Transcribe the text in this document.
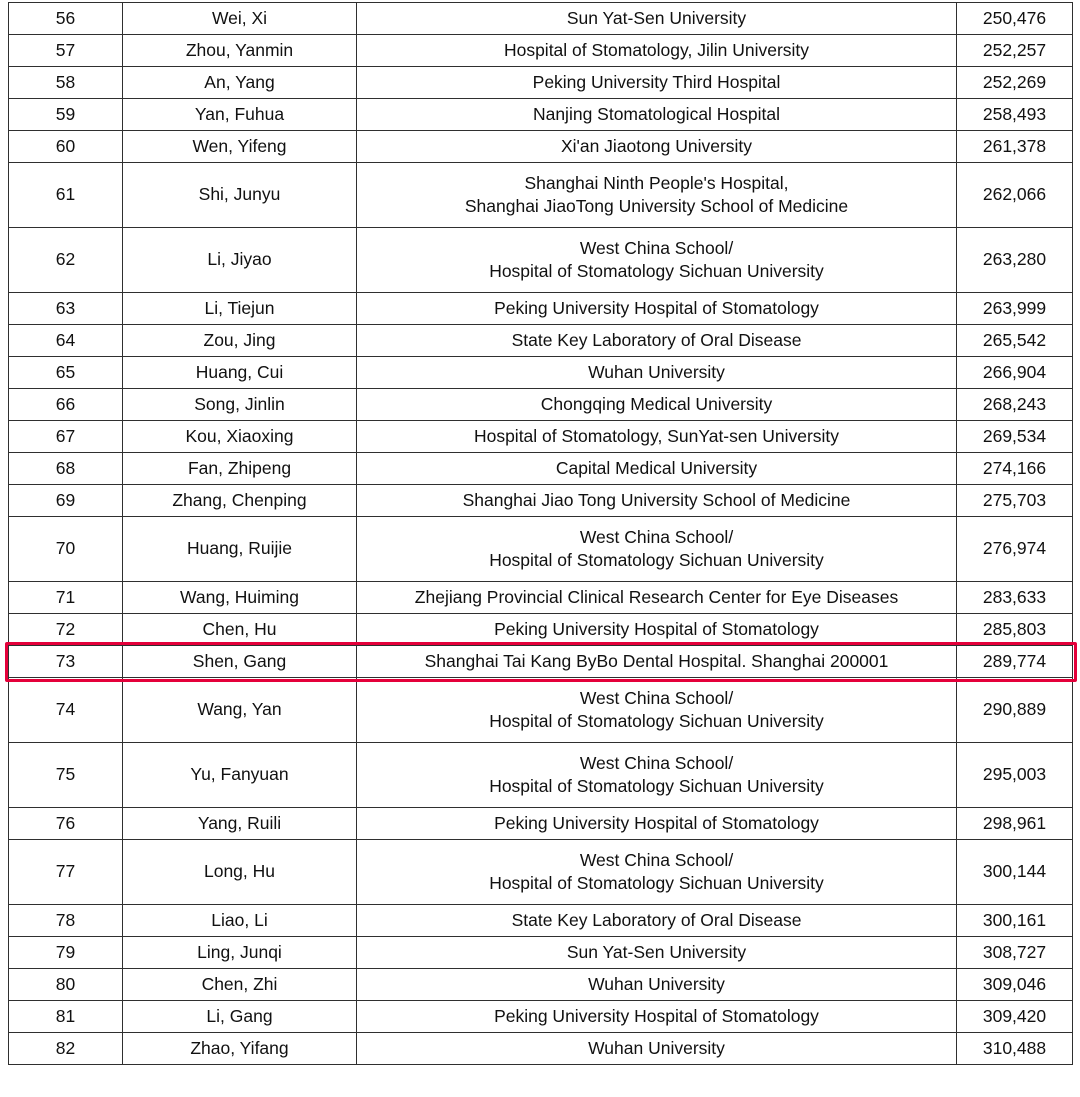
56	Wei, Xi	Sun Yat-Sen University	250,476
57	Zhou, Yanmin	Hospital of Stomatology, Jilin University	252,257
58	An, Yang	Peking University Third Hospital	252,269
59	Yan, Fuhua	Nanjing Stomatological Hospital	258,493
60	Wen, Yifeng	Xi'an Jiaotong University	261,378
61	Shi, Junyu	Shanghai Ninth People's Hospital,
Shanghai JiaoTong University School of Medicine	262,066
62	Li, Jiyao	West China School/
Hospital of Stomatology Sichuan University	263,280
63	Li, Tiejun	Peking University Hospital of Stomatology	263,999
64	Zou, Jing	State Key Laboratory of Oral Disease	265,542
65	Huang, Cui	Wuhan University	266,904
66	Song, Jinlin	Chongqing Medical University	268,243
67	Kou, Xiaoxing	Hospital of Stomatology, SunYat-sen University	269,534
68	Fan, Zhipeng	Capital Medical University	274,166
69	Zhang, Chenping	Shanghai Jiao Tong University School of Medicine	275,703
70	Huang, Ruijie	West China School/
Hospital of Stomatology Sichuan University	276,974
71	Wang, Huiming	Zhejiang Provincial Clinical Research Center for Eye Diseases	283,633
72	Chen, Hu	Peking University Hospital of Stomatology	285,803
73	Shen, Gang	Shanghai Tai Kang ByBo Dental Hospital. Shanghai 200001	289,774
74	Wang, Yan	West China School/
Hospital of Stomatology Sichuan University	290,889
75	Yu, Fanyuan	West China School/
Hospital of Stomatology Sichuan University	295,003
76	Yang, Ruili	Peking University Hospital of Stomatology	298,961
77	Long, Hu	West China School/
Hospital of Stomatology Sichuan University	300,144
78	Liao, Li	State Key Laboratory of Oral Disease	300,161
79	Ling, Junqi	Sun Yat-Sen University	308,727
80	Chen, Zhi	Wuhan University	309,046
81	Li, Gang	Peking University Hospital of Stomatology	309,420
82	Zhao, Yifang	Wuhan University	310,488
